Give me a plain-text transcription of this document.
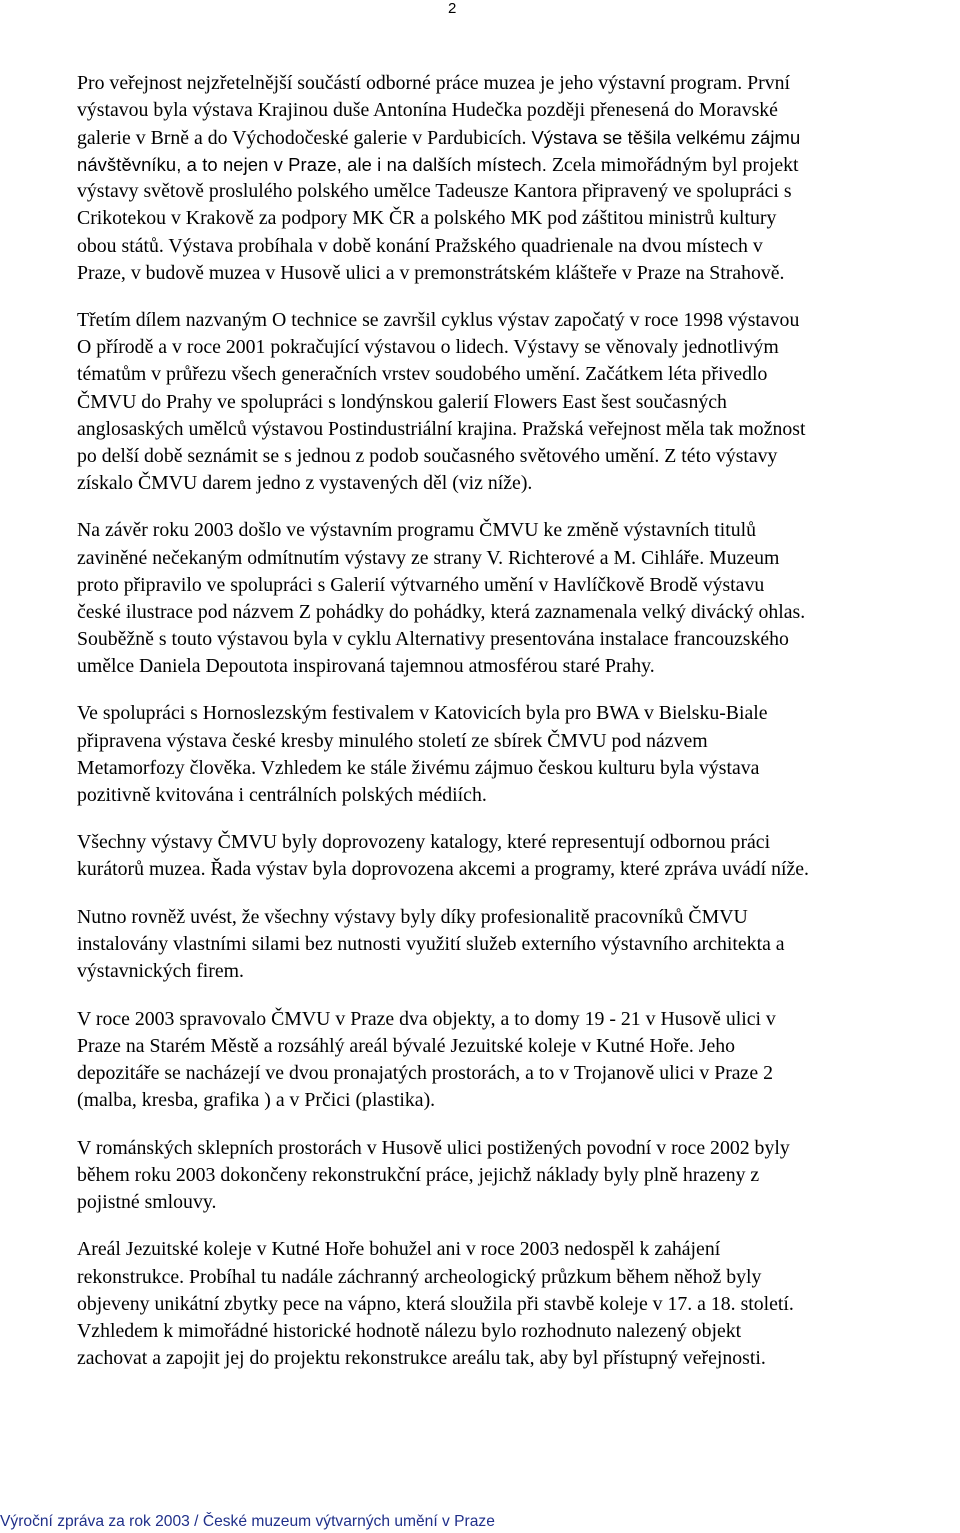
2

Pro veřejnost nejzřetelnější součástí odborné práce muzea je jeho výstavní program. První
výstavou byla výstava Krajinou duše Antonína Hudečka později přenesená do Moravské
galerie v Brně a do Východočeské galerie v Pardubicích. Výstava se těšila velkému zájmu
návštěvníku, a to nejen v Praze, ale i na dalších místech. Zcela mimořádným byl projekt
výstavy světově proslulého polského umělce Tadeusze Kantora připravený ve spolupráci s
Crikotekou v Krakově za podpory MK ČR a polského MK pod záštitou ministrů kultury
obou států. Výstava probíhala v době konání Pražského quadrienale na dvou místech v
Praze, v budově muzea v Husově ulici a v premonstrátském klášteře v Praze na Strahově.

Třetím dílem nazvaným O technice se završil cyklus výstav započatý v roce 1998 výstavou
O přírodě a v roce 2001 pokračující výstavou o lidech. Výstavy se věnovaly jednotlivým
tématům v průřezu všech generačních vrstev soudobého umění. Začátkem léta přivedlo
ČMVU do Prahy ve spolupráci s londýnskou galerií Flowers East šest současných
anglosaských umělců výstavou Postindustriální krajina. Pražská veřejnost měla tak možnost
po delší době seznámit se s jednou z podob současného světového umění. Z této výstavy
získalo ČMVU darem jedno z vystavených děl (viz níže).

Na závěr roku 2003 došlo ve výstavním programu ČMVU ke změně výstavních titulů
zaviněné nečekaným odmítnutím výstavy ze strany V. Richterové a M. Cihláře. Muzeum
proto připravilo ve spolupráci s Galerií výtvarného umění v Havlíčkově Brodě výstavu
české ilustrace pod názvem Z pohádky do pohádky, která zaznamenala velký divácký ohlas.
Souběžně s touto výstavou byla v cyklu Alternativy presentována instalace francouzského
umělce Daniela Depoutota inspirovaná tajemnou atmosférou staré Prahy.

Ve spolupráci s Hornoslezským festivalem v Katovicích byla pro BWA v Bielsku-Biale
připravena výstava české kresby minulého století ze sbírek ČMVU pod názvem
Metamorfozy člověka. Vzhledem ke stále živému zájmuo českou kulturu byla výstava
pozitivně kvitována i centrálních polských médiích.

Všechny výstavy ČMVU byly doprovozeny katalogy, které representují odbornou práci
kurátorů muzea. Řada výstav byla doprovozena akcemi a programy, které zpráva uvádí níže.

Nutno rovněž uvést, že všechny výstavy byly díky profesionalitě pracovníků ČMVU
instalovány vlastními silami bez nutnosti využití služeb externího výstavního architekta a
výstavnických firem.

V roce 2003 spravovalo ČMVU v Praze dva objekty, a to domy 19 - 21 v Husově ulici v
Praze na Starém Městě a rozsáhlý areál bývalé Jezuitské koleje v Kutné Hoře. Jeho
depozitáře se nacházejí ve dvou pronajatých prostorách, a to v Trojanově ulici v Praze 2
(malba, kresba, grafika ) a v Prčici (plastika).

V románských sklepních prostorách v Husově ulici postižených povodní v roce 2002 byly
během roku 2003 dokončeny rekonstrukční práce, jejichž náklady byly plně hrazeny z
pojistné smlouvy.

Areál Jezuitské koleje v Kutné Hoře bohužel ani v roce 2003 nedospěl k zahájení
rekonstrukce. Probíhal tu nadále záchranný archeologický průzkum během něhož byly
objeveny unikátní zbytky pece na vápno, která sloužila při stavbě koleje v 17. a 18. století.
Vzhledem k mimořádné historické hodnotě nálezu bylo rozhodnuto nalezený objekt
zachovat a zapojit jej do projektu rekonstrukce areálu tak, aby byl přístupný veřejnosti.

Výroční zpráva za rok 2003 / České muzeum výtvarných umění v Praze
